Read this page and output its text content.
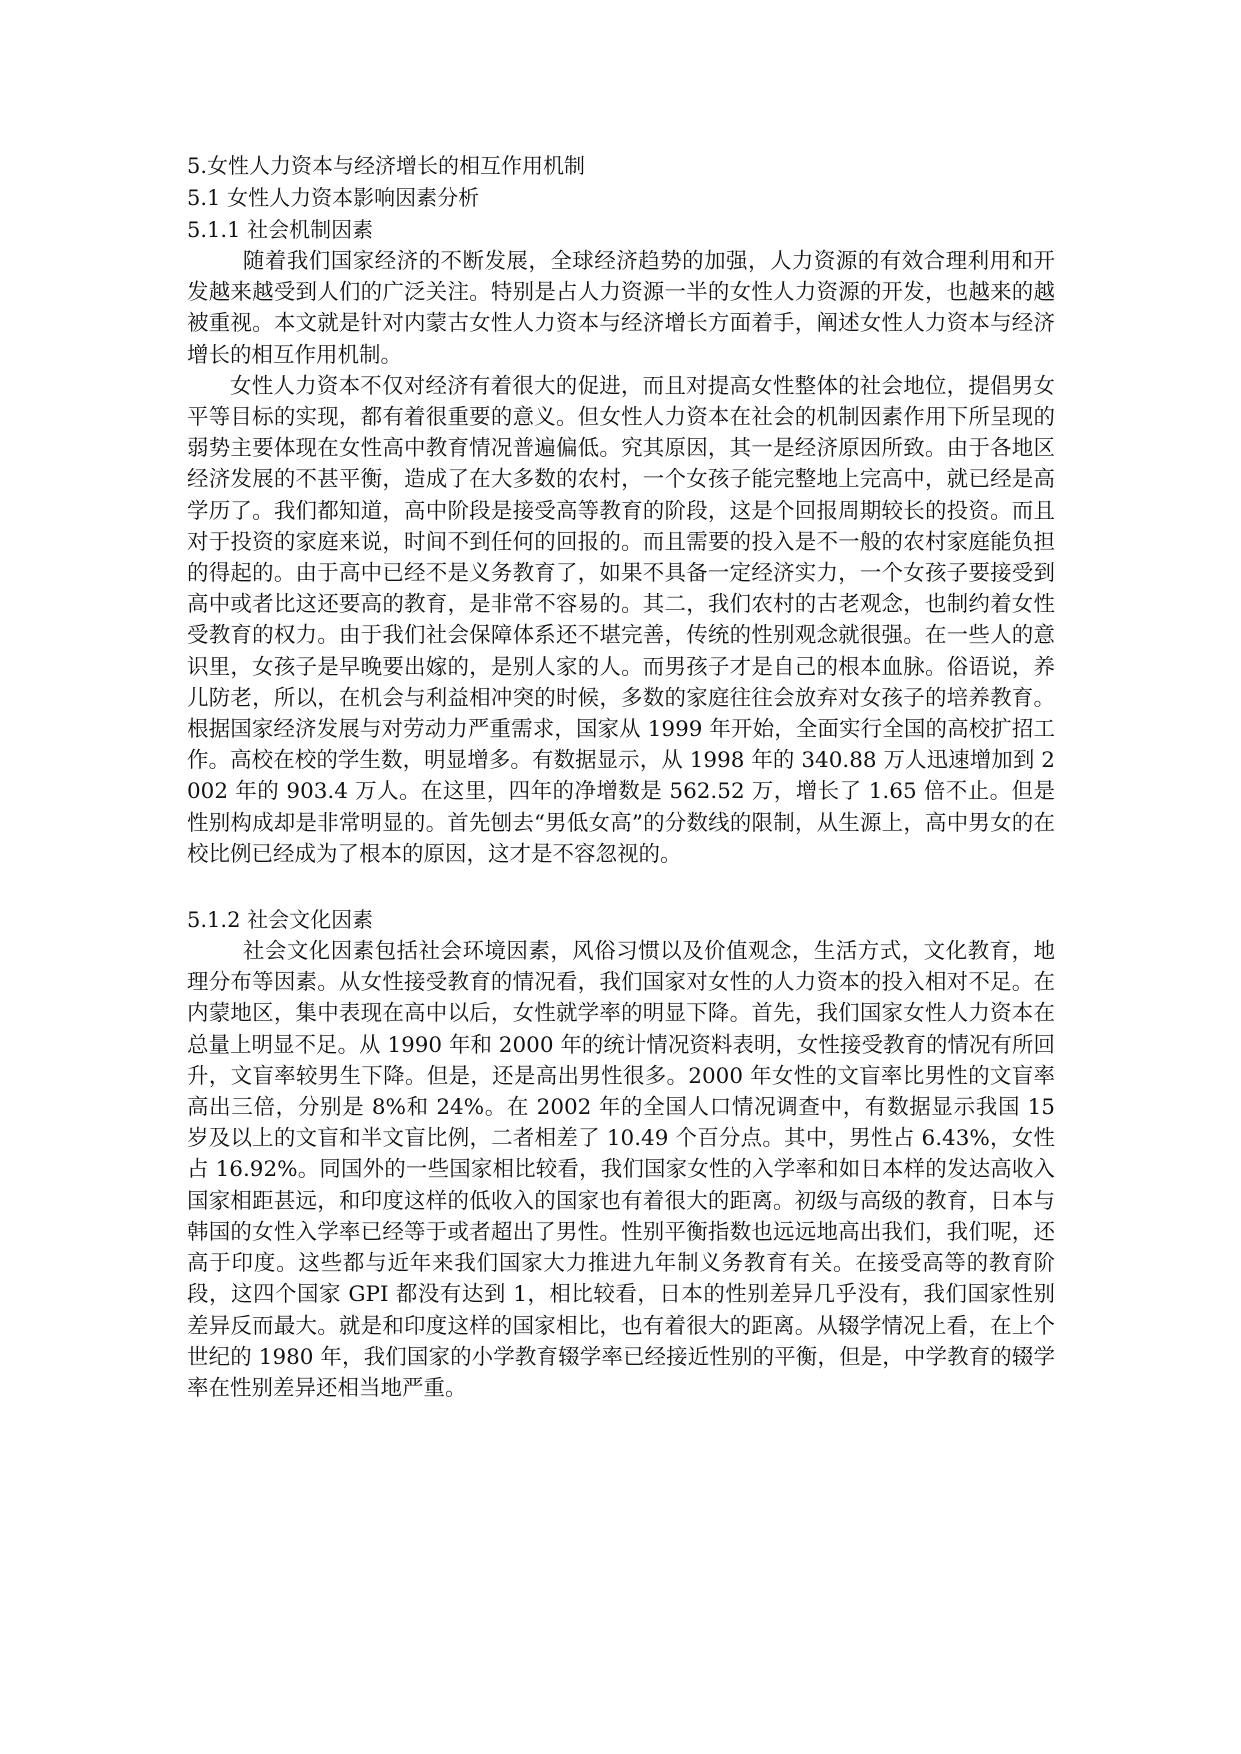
5.女性人力资本与经济增长的相互作用机制

5.1 女性人力资本影响因素分析

5.1.1 社会机制因素

随着我们国家经济的不断发展，全球经济趋势的加强，人力资源的有效合理利用和开发越来越受到人们的广泛关注。特别是占人力资源一半的女性人力资源的开发，也越来的越被重视。本文就是针对内蒙古女性人力资本与经济增长方面着手，阐述女性人力资本与经济增长的相互作用机制。

女性人力资本不仅对经济有着很大的促进，而且对提高女性整体的社会地位，提倡男女平等目标的实现，都有着很重要的意义。但女性人力资本在社会的机制因素作用下所呈现的弱势主要体现在女性高中教育情况普遍偏低。究其原因，其一是经济原因所致。由于各地区经济发展的不甚平衡，造成了在大多数的农村，一个女孩子能完整地上完高中，就已经是高学历了。我们都知道，高中阶段是接受高等教育的阶段，这是个回报周期较长的投资。而且对于投资的家庭来说，时间不到任何的回报的。而且需要的投入是不一般的农村家庭能负担的得起的。由于高中已经不是义务教育了，如果不具备一定经济实力，一个女孩子要接受到高中或者比这还要高的教育，是非常不容易的。其二，我们农村的古老观念，也制约着女性受教育的权力。由于我们社会保障体系还不堪完善，传统的性别观念就很强。在一些人的意识里，女孩子是早晚要出嫁的，是别人家的人。而男孩子才是自己的根本血脉。俗语说，养儿防老，所以，在机会与利益相冲突的时候，多数的家庭往往会放弃对女孩子的培养教育。根据国家经济发展与对劳动力严重需求，国家从 1999 年开始，全面实行全国的高校扩招工作。高校在校的学生数，明显增多。有数据显示，从 1998 年的 340.88 万人迅速增加到 2002 年的 903.4 万人。在这里，四年的净增数是 562.52 万，增长了 1.65 倍不止。但是性别构成却是非常明显的。首先刨去“男低女高”的分数线的限制，从生源上，高中男女的在校比例已经成为了根本的原因，这才是不容忽视的。

5.1.2 社会文化因素

社会文化因素包括社会环境因素，风俗习惯以及价值观念，生活方式，文化教育，地理分布等因素。从女性接受教育的情况看，我们国家对女性的人力资本的投入相对不足。在内蒙地区，集中表现在高中以后，女性就学率的明显下降。首先，我们国家女性人力资本在总量上明显不足。从 1990 年和 2000 年的统计情况资料表明，女性接受教育的情况有所回升，文盲率较男生下降。但是，还是高出男性很多。2000 年女性的文盲率比男性的文盲率高出三倍，分别是 8%和 24%。在 2002 年的全国人口情况调查中，有数据显示我国 15 岁及以上的文盲和半文盲比例，二者相差了 10.49 个百分点。其中，男性占 6.43%，女性占 16.92%。同国外的一些国家相比较看，我们国家女性的入学率和如日本样的发达高收入国家相距甚远，和印度这样的低收入的国家也有着很大的距离。初级与高级的教育，日本与 韩国的女性入学率已经等于或者超出了男性。性别平衡指数也远远地高出我们，我们呢，还高于印度。这些都与近年来我们国家大力推进九年制义务教育有关。在接受高等的教育阶段，这四个国家 GPI 都没有达到 1，相比较看，日本的性别差异几乎没有，我们国家性别差异反而最大。就是和印度这样的国家相比，也有着很大的距离。从辍学情况上看，在上个世纪的 1980 年，我们国家的小学教育辍学率已经接近性别的平衡，但是，中学教育的辍学率在性别差异还相当地严重。
